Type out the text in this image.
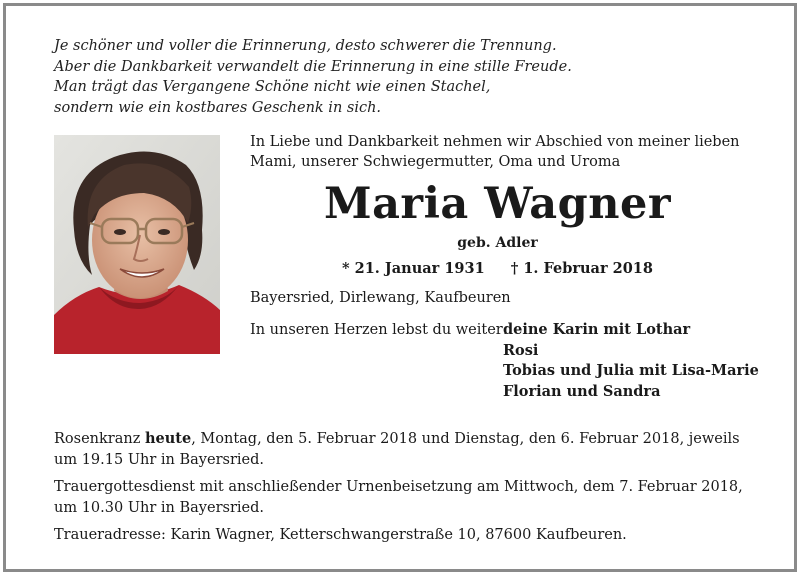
Je schöner und voller die Erinnerung, desto schwerer die Trennung.
Aber die Dankbarkeit verwandelt die Erinnerung in eine stille Freude.
Man trägt das Vergangene Schöne nicht wie einen Stachel,
sondern wie ein kostbares Geschenk in sich.
In Liebe und Dankbarkeit nehmen wir Abschied von meiner lieben
Mami, unserer Schwiegermutter, Oma und Uroma
Maria Wagner
geb. Adler
* 21. Januar 1931 † 1. Februar 2018
Bayersried, Dirlewang, Kaufbeuren
In unseren Herzen lebst du weiter:
deine Karin mit Lothar
Rosi
Tobias und Julia mit Lisa-Marie
Florian und Sandra
Rosenkranz heute, Montag, den 5. Februar 2018 und Dienstag, den 6. Februar 2018, jeweils
um 19.15 Uhr in Bayersried.
Trauergottesdienst mit anschließender Urnenbeisetzung am Mittwoch, dem 7. Februar 2018,
um 10.30 Uhr in Bayersried.
Traueradresse: Karin Wagner, Ketterschwangerstraße 10, 87600 Kaufbeuren.
